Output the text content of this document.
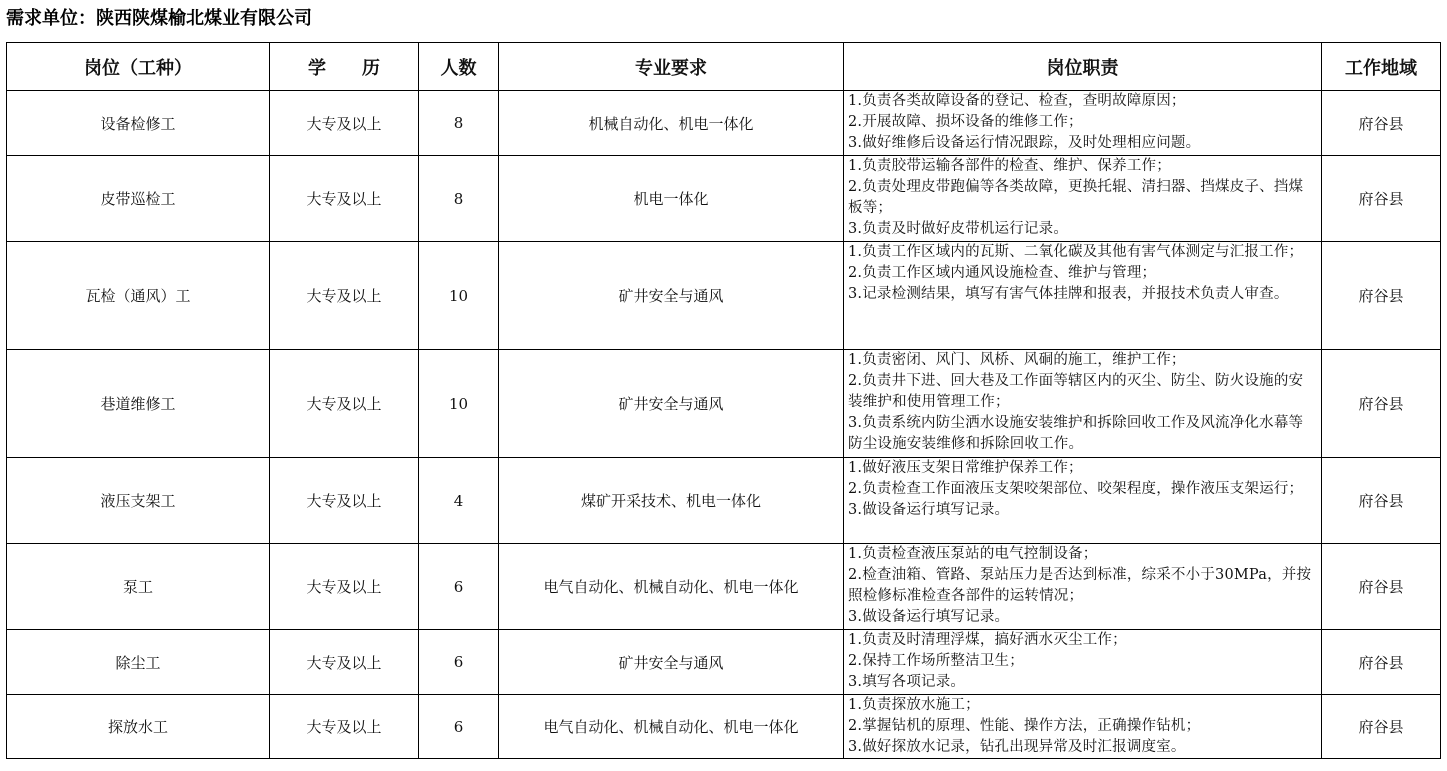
需求单位：陕西陕煤榆北煤业有限公司
岗位（工种）	学　　历	人数	专业要求	岗位职责	工作地域
设备检修工	大专及以上	8	机械自动化、机电一体化	1.负责各类故障设备的登记、检查，查明故障原因；
2.开展故障、损坏设备的维修工作；
3.做好维修后设备运行情况跟踪，及时处理相应问题。	府谷县
皮带巡检工	大专及以上	8	机电一体化	1.负责胶带运输各部件的检查、维护、保养工作；
2.负责处理皮带跑偏等各类故障，更换托辊、清扫器、挡煤皮子、挡煤板等；
3.负责及时做好皮带机运行记录。	府谷县
瓦检（通风）工	大专及以上	10	矿井安全与通风	1.负责工作区域内的瓦斯、二氧化碳及其他有害气体测定与汇报工作；
2.负责工作区域内通风设施检查、维护与管理；
3.记录检测结果，填写有害气体挂牌和报表，并报技术负责人审查。	府谷县
巷道维修工	大专及以上	10	矿井安全与通风	1.负责密闭、风门、风桥、风硐的施工，维护工作；
2.负责井下进、回大巷及工作面等辖区内的灭尘、防尘、防火设施的安装维护和使用管理工作；
3.负责系统内防尘洒水设施安装维护和拆除回收工作及风流净化水幕等防尘设施安装维修和拆除回收工作。	府谷县
液压支架工	大专及以上	4	煤矿开采技术、机电一体化	1.做好液压支架日常维护保养工作；
2.负责检查工作面液压支架咬架部位、咬架程度，操作液压支架运行；
3.做设备运行填写记录。	府谷县
泵工	大专及以上	6	电气自动化、机械自动化、机电一体化	1.负责检查液压泵站的电气控制设备；
2.检查油箱、管路、泵站压力是否达到标准，综采不小于30MPa，并按照检修标准检查各部件的运转情况；
3.做设备运行填写记录。	府谷县
除尘工	大专及以上	6	矿井安全与通风	1.负责及时清理浮煤，搞好洒水灭尘工作；
2.保持工作场所整洁卫生；
3.填写各项记录。	府谷县
探放水工	大专及以上	6	电气自动化、机械自动化、机电一体化	1.负责探放水施工；
2.掌握钻机的原理、性能、操作方法，正确操作钻机；
3.做好探放水记录，钻孔出现异常及时汇报调度室。	府谷县
